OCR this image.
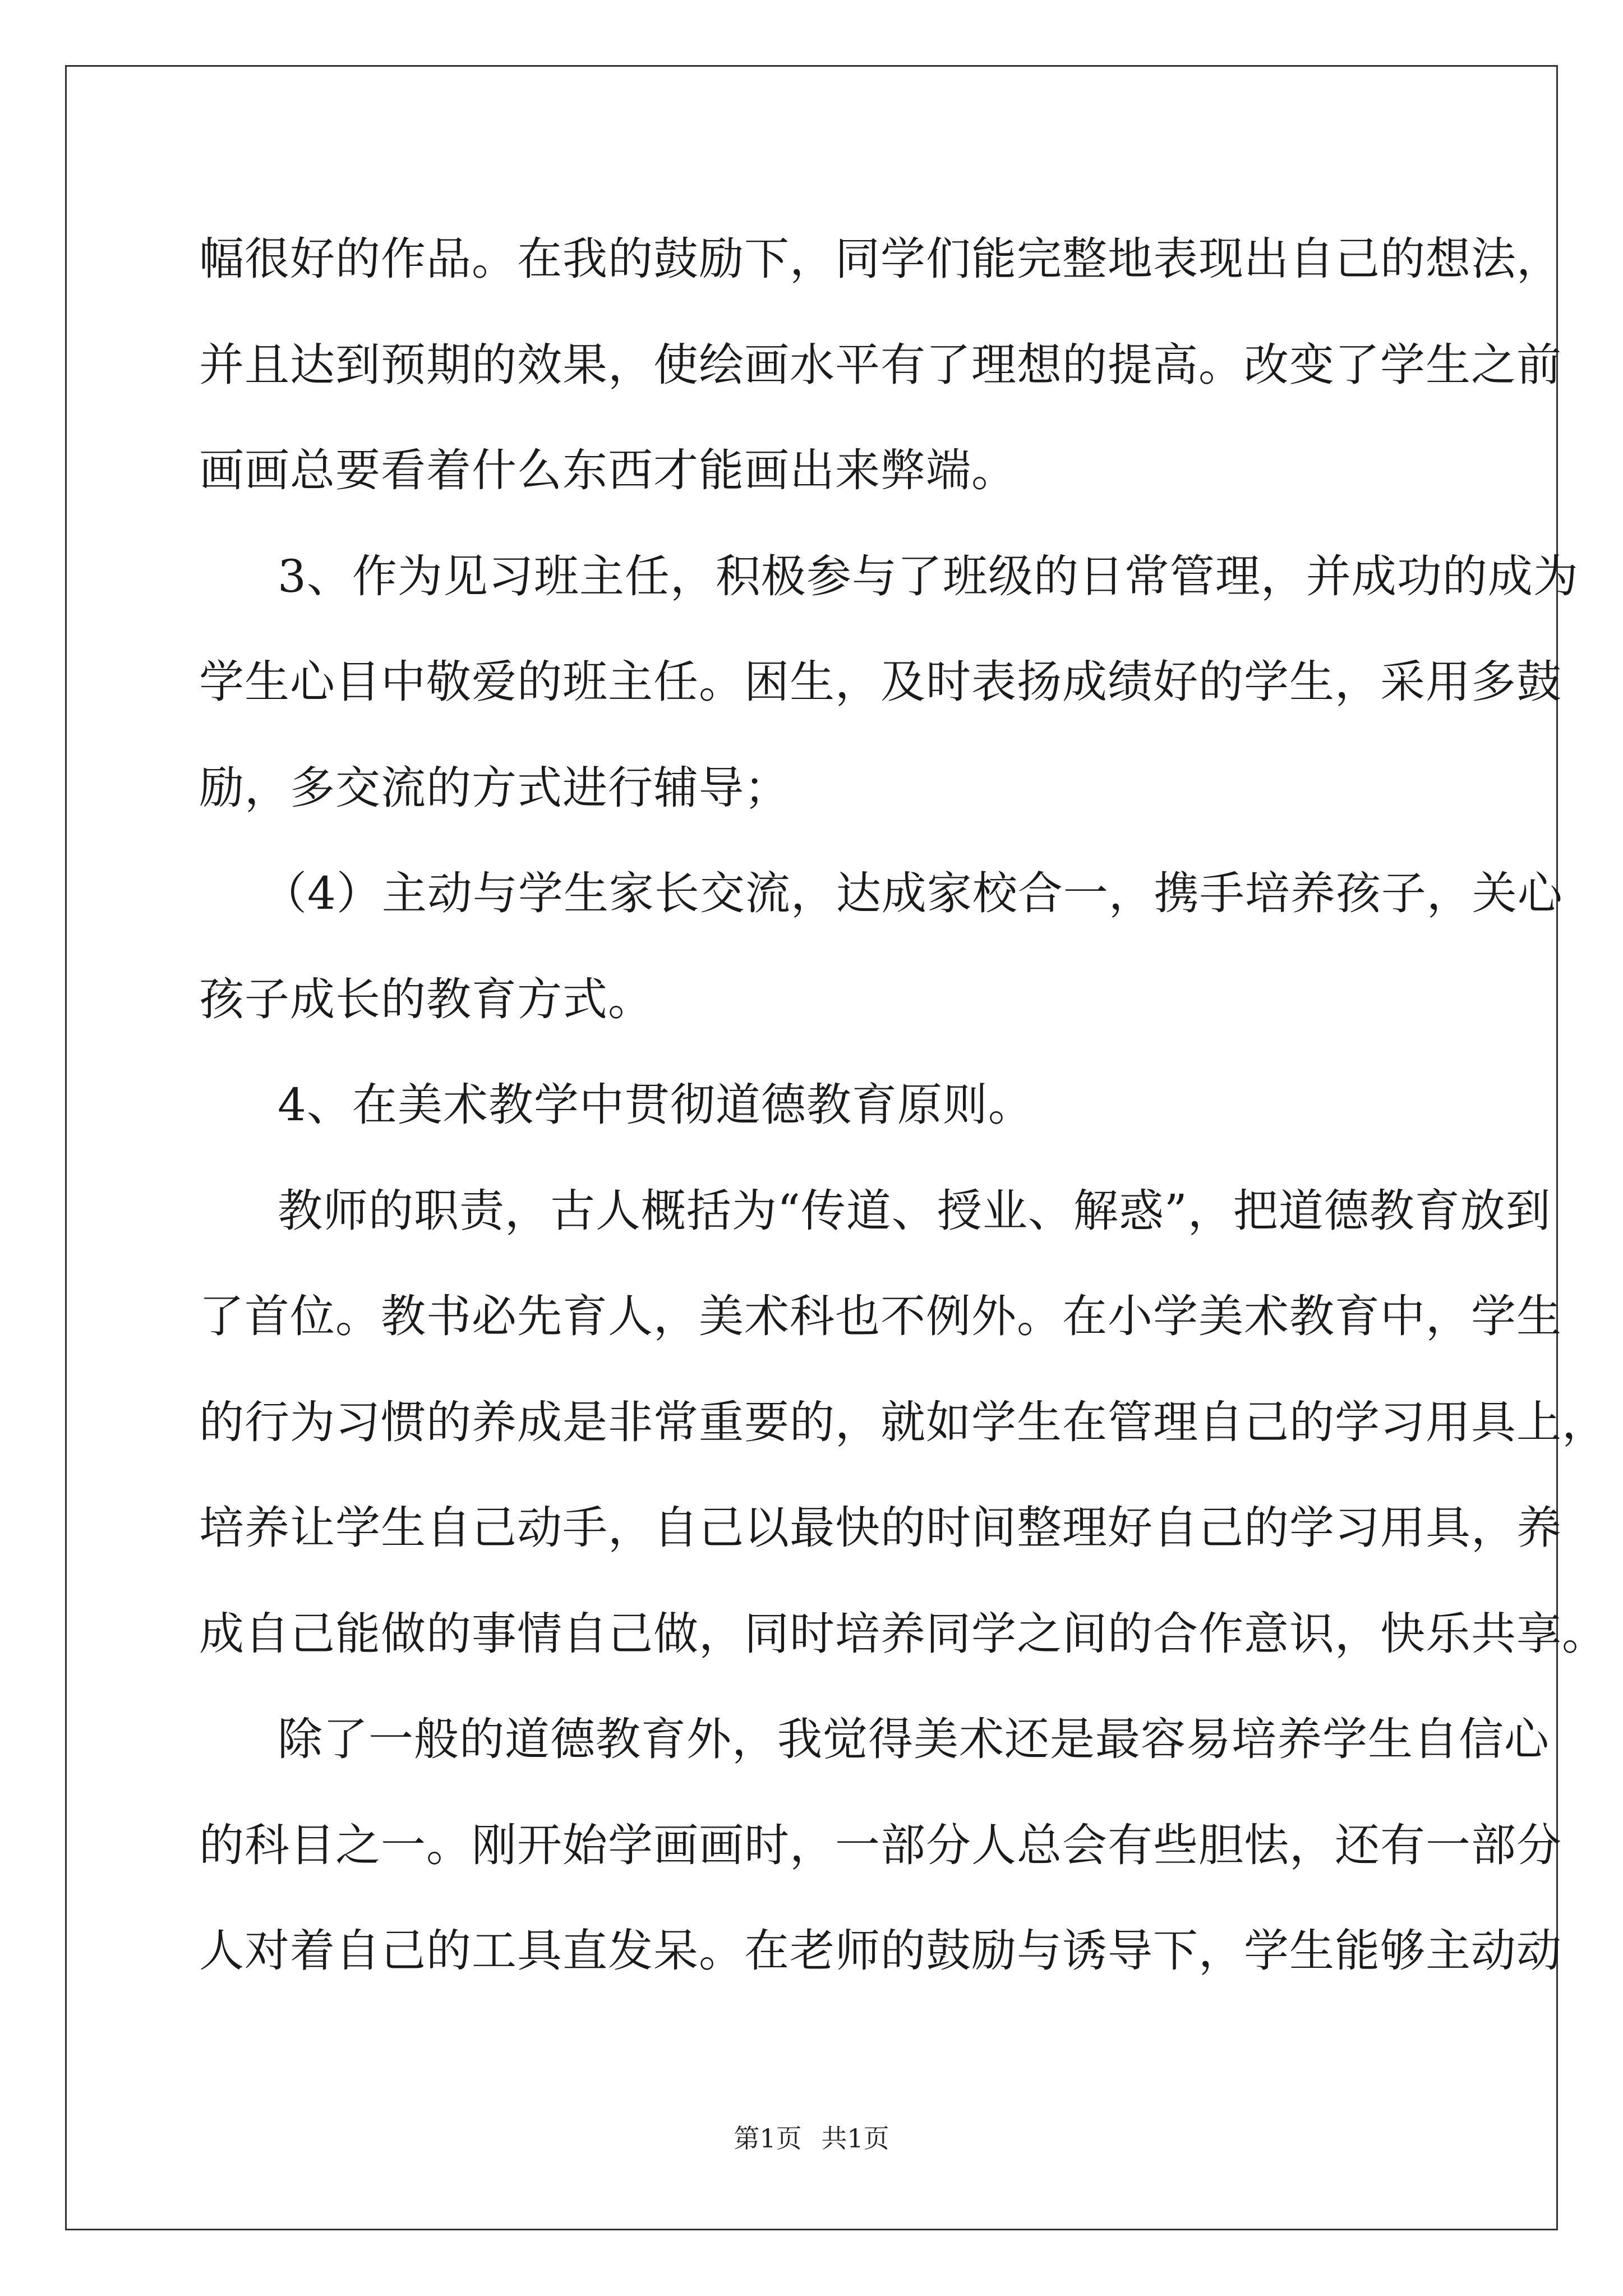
幅很好的作品。在我的鼓励下，同学们能完整地表现出自己的想法，

并且达到预期的效果，使绘画水平有了理想的提高。改变了学生之前

画画总要看着什么东西才能画出来弊端。

3、作为见习班主任，积极参与了班级的日常管理，并成功的成为

学生心目中敬爱的班主任。困生，及时表扬成绩好的学生，采用多鼓

励，多交流的方式进行辅导；

（4）主动与学生家长交流，达成家校合一，携手培养孩子，关心

孩子成长的教育方式。

4、在美术教学中贯彻道德教育原则。

教师的职责，古人概括为“传道、授业、解惑”，把道德教育放到

了首位。教书必先育人，美术科也不例外。在小学美术教育中，学生

的行为习惯的养成是非常重要的，就如学生在管理自己的学习用具上，

培养让学生自己动手，自己以最快的时间整理好自己的学习用具，养

成自己能做的事情自己做，同时培养同学之间的合作意识，快乐共享。

除了一般的道德教育外，我觉得美术还是最容易培养学生自信心

的科目之一。刚开始学画画时，一部分人总会有些胆怯，还有一部分

人对着自己的工具直发呆。在老师的鼓励与诱导下，学生能够主动动

第1页 共1页
